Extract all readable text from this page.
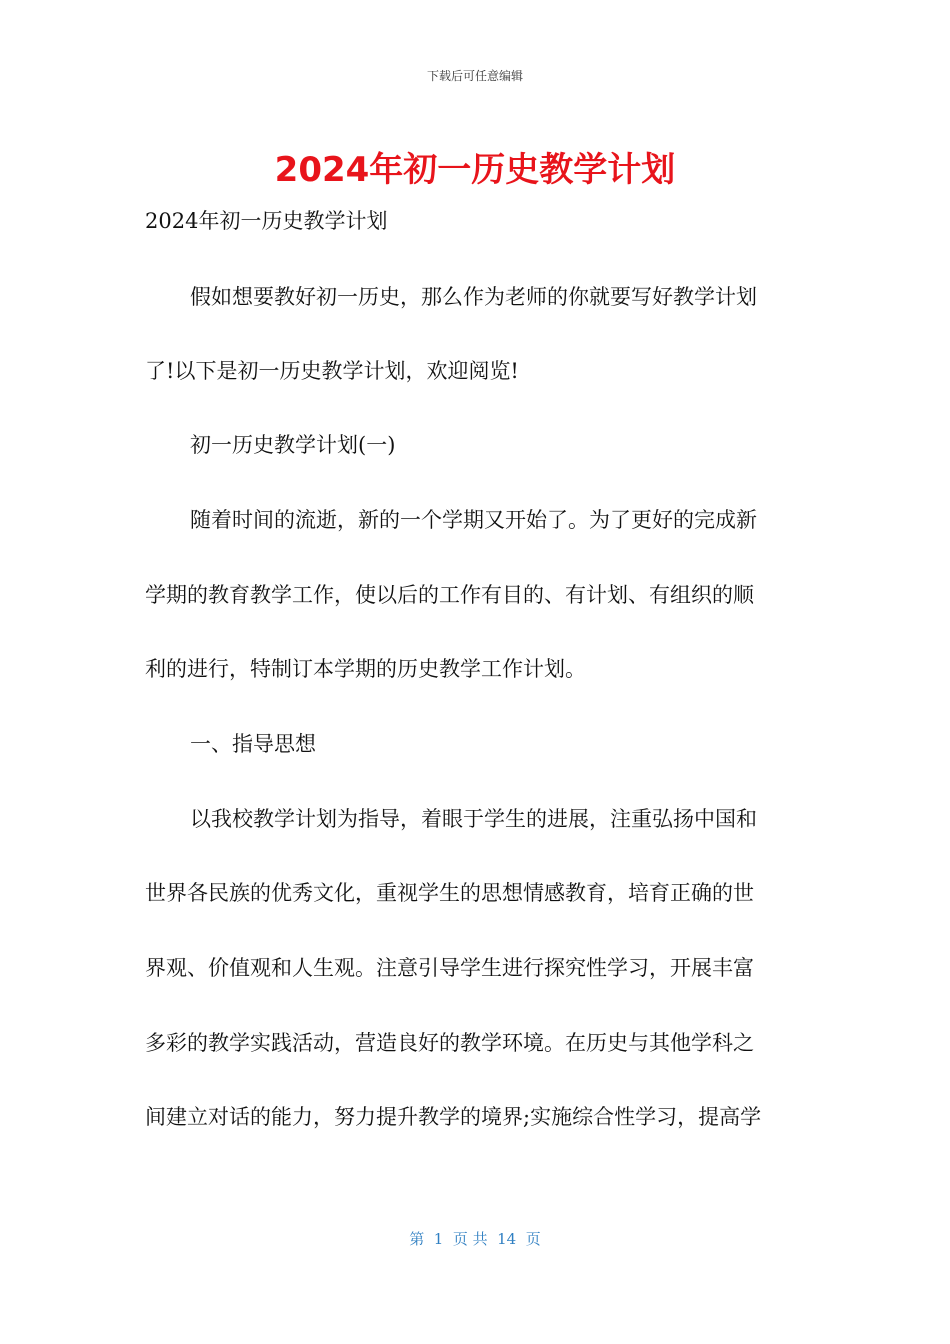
下载后可任意编辑
2024年初一历史教学计划
2024年初一历史教学计划
假如想要教好初一历史，那么作为老师的你就要写好教学计划
了!以下是初一历史教学计划，欢迎阅览!
初一历史教学计划(一)
随着时间的流逝，新的一个学期又开始了。为了更好的完成新
学期的教育教学工作，使以后的工作有目的、有计划、有组织的顺
利的进行，特制订本学期的历史教学工作计划。
一、指导思想
以我校教学计划为指导，着眼于学生的进展，注重弘扬中国和
世界各民族的优秀文化，重视学生的思想情感教育，培育正确的世
界观、价值观和人生观。注意引导学生进行探究性学习，开展丰富
多彩的教学实践活动，营造良好的教学环境。在历史与其他学科之
间建立对话的能力，努力提升教学的境界;实施综合性学习，提高学
第  1  页 共  14  页
